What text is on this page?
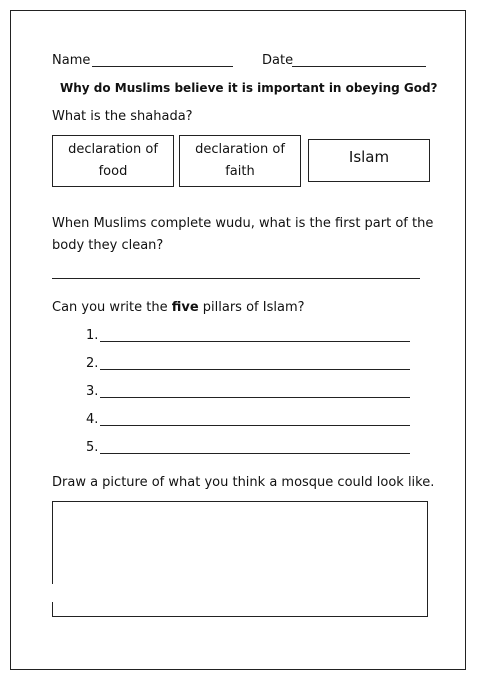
Name	Date
Why do Muslims believe it is important in obeying God?
What is the shahada?
declaration of
food
declaration of
faith
Islam
When Muslims complete wudu, what is the first part of the
body they clean?
Can you write the five pillars of Islam?
1.
2.
3.
4.
5.
Draw a picture of what you think a mosque could look like.
